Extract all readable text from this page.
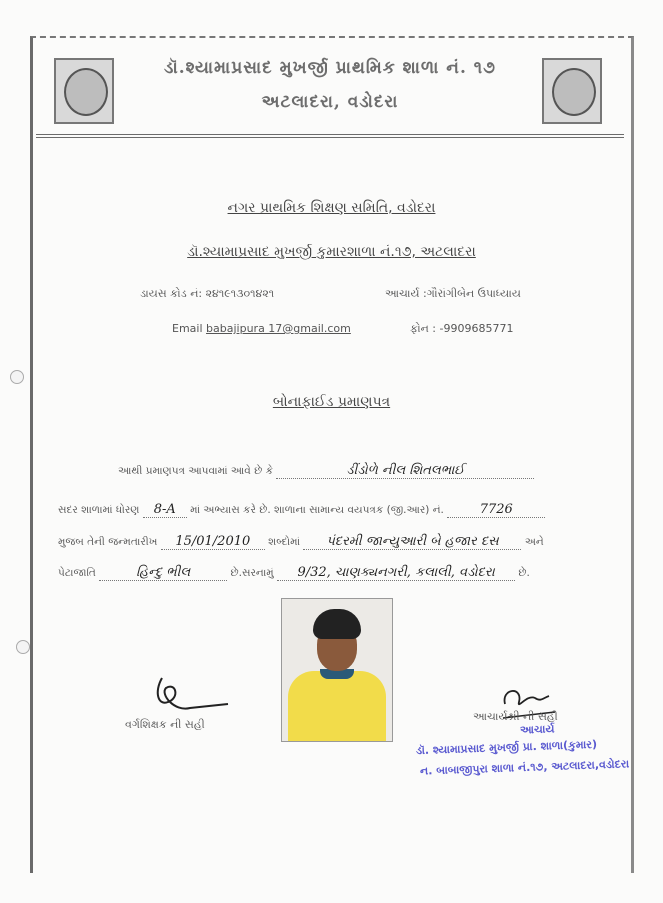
ડૉ.શ્યામાપ્રસાદ મુખર્જી પ્રાથમિક શાળા નં. ૧૭
અટલાદરા, વડોદરા
નગર પ્રાથમિક શિક્ષણ સમિતિ, વડોદરા
ડૉ.શ્યામાપ્રસાદ મુખર્જી કુમારશાળા નં.૧૭, અટલાદરા
ડાયસ કોડ નં: ૨૪૧૯૧૩૦૧૪૨૧	આચાર્ય :ગૌરાંગીબેન ઉપાધ્યાય
Email babajipura 17@gmail.com	ફોન : -9909685771
બોનાફાઈડ પ્રમાણપત્ર
આથી પ્રમાણપત્ર આપવામાં આવે છે કે	ડીંડોળે નીલ શિતલભાઈ
સદર શાળામાં ધોરણ 8-A માં અભ્યાસ કરે છે. શાળાના સામાન્ય વયપત્રક (જી.આર) નં.	7726
મુજબ તેની જન્મતારીખ 15/01/2010 શબ્દોમાં પંદરમી જાન્યુઆરી બે હજાર દસ અને
પેટાજાતિ	હિન્દુ ભીલ	છે.સરનામું 9/32, ચાણક્યનગરી, કલાલી, વડોદરા છે.
વર્ગશિક્ષક ની સહી
આચાર્યશ્રી ની સહી
આચાર્ય
ડૉ. શ્યામાપ્રસાદ મુખર્જી પ્રા. શાળા(કુમાર)
ન. બાબાજીપુરા શાળા નં.૧૭, અટલાદરા,વડોદરા
